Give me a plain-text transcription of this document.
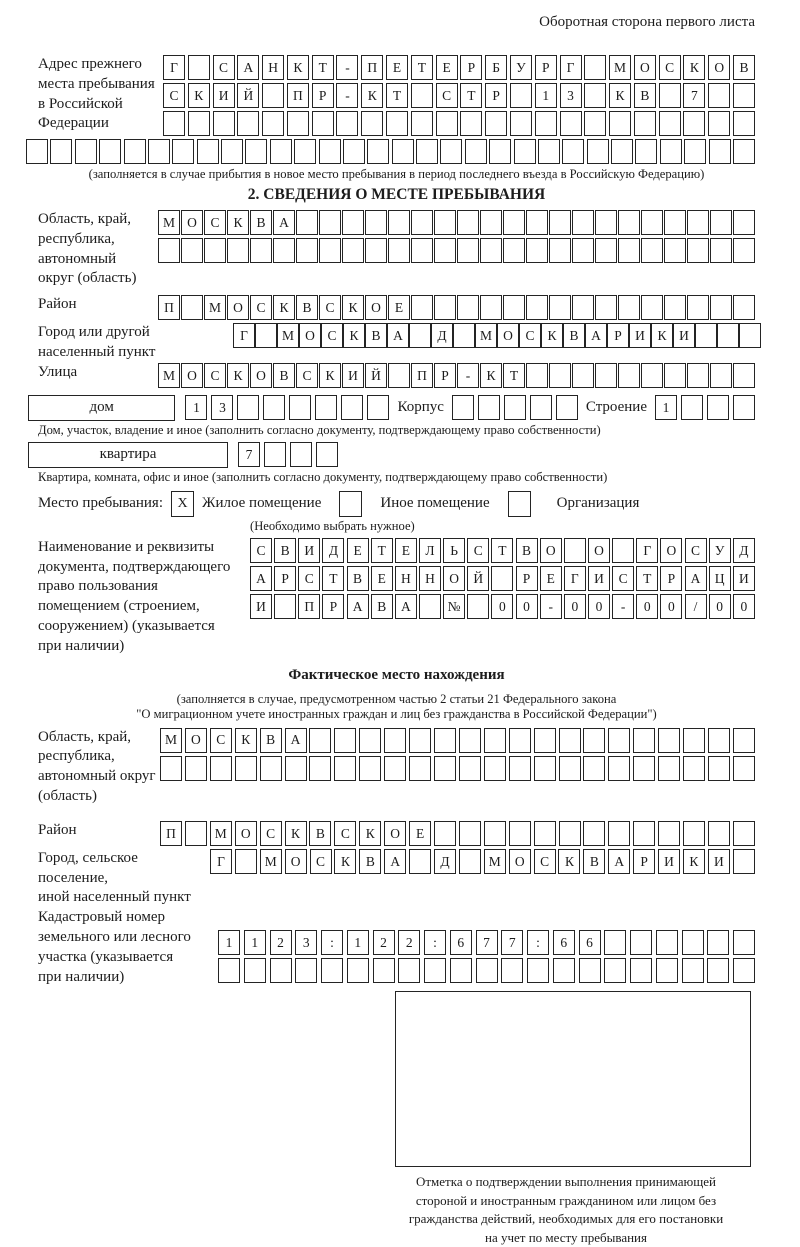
Оборотная сторона первого листа
Адрес прежнего
места пребывания
в Российской
Федерации
Г	С	А	Н	К	Т	-	П	Е	Т	Е	Р	Б	У	Р	Г	М	О	С	К	О	В
С	К	И	Й	П	Р	-	К	Т	С	Т	Р	1	3	К	В	7
(заполняется в случае прибытия в новое место пребывания в период последнего въезда в Российскую Федерацию)
2. СВЕДЕНИЯ О МЕСТЕ ПРЕБЫВАНИЯ
Область, край,
республика,
автономный
округ (область)
М О	С	К	В	А
Район	П	М О	С	К	В	С	К	О	Е
Город или другой
населенный пункт
Г	М О С К В А	Д	М О С К В А Р И К И
Улица	М О	С	К	О	В	С	К	И Й	П	Р	-	К	Т
дом	1	3	Корпус	Строение	1
Дом, участок, владение и иное (заполнить согласно документу, подтверждающему право собственности)
квартира	7
Квартира, комната, офис и иное (заполнить согласно документу, подтверждающему право собственности)
Место пребывания:	X Жилое помещение	Иное помещение	Организация
(Необходимо выбрать нужное)
Наименование и реквизиты
документа, подтверждающего
право пользования
помещением (строением,
сооружением) (указывается
при наличии)
С	В	И	Д	Е	Т	Е	Л	Ь	С	Т	В	О	О	Г	О	С	У	Д
А	Р	С	Т	В	Е	Н	Н	О	Й	Р	Е	Г	И	С	Т	Р	А	Ц	И
И	П	Р	А	В	А	№	0	0	-	0	0	-	0	0	/	0	0
Фактическое место нахождения
(заполняется в случае, предусмотренном частью 2 статьи 21 Федерального закона
"О миграционном учете иностранных граждан и лиц без гражданства в Российской Федерации")
Область, край,
республика,
автономный округ
(область)
М	О	С	К	В	А
Район	П	М	О	С	К	В	С	К	О	Е
Город, сельское поселение,
иной населенный пункт
Г	М	О	С	К	В	А	Д	М	О	С	К	В	А	Р	И	К	И
Кадастровый номер
земельного или лесного
участка (указывается
при наличии)
1	1	2	3	:	1	2	2	:	6	7	7	:	6	6
Отметка о подтверждении выполнения принимающей
стороной и иностранным гражданином или лицом без
гражданства действий, необходимых для его постановки
на учет по месту пребывания
